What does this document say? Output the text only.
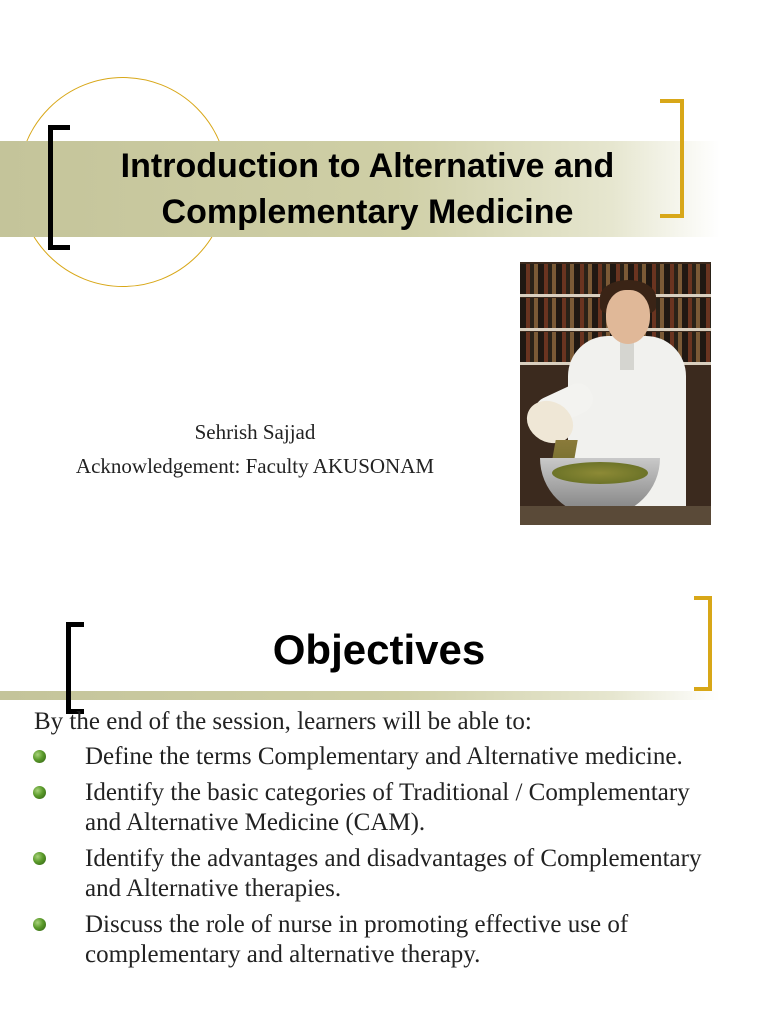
Introduction to Alternative and Complementary Medicine
Sehrish Sajjad
Acknowledgement: Faculty AKUSONAM
Objectives
By the end of the session, learners will be able to:
Define the terms Complementary and Alternative medicine.
Identify the basic categories of Traditional / Complementary and Alternative Medicine (CAM).
Identify the advantages and disadvantages of Complementary and Alternative therapies.
Discuss the role of nurse in promoting effective use of complementary and alternative therapy.
